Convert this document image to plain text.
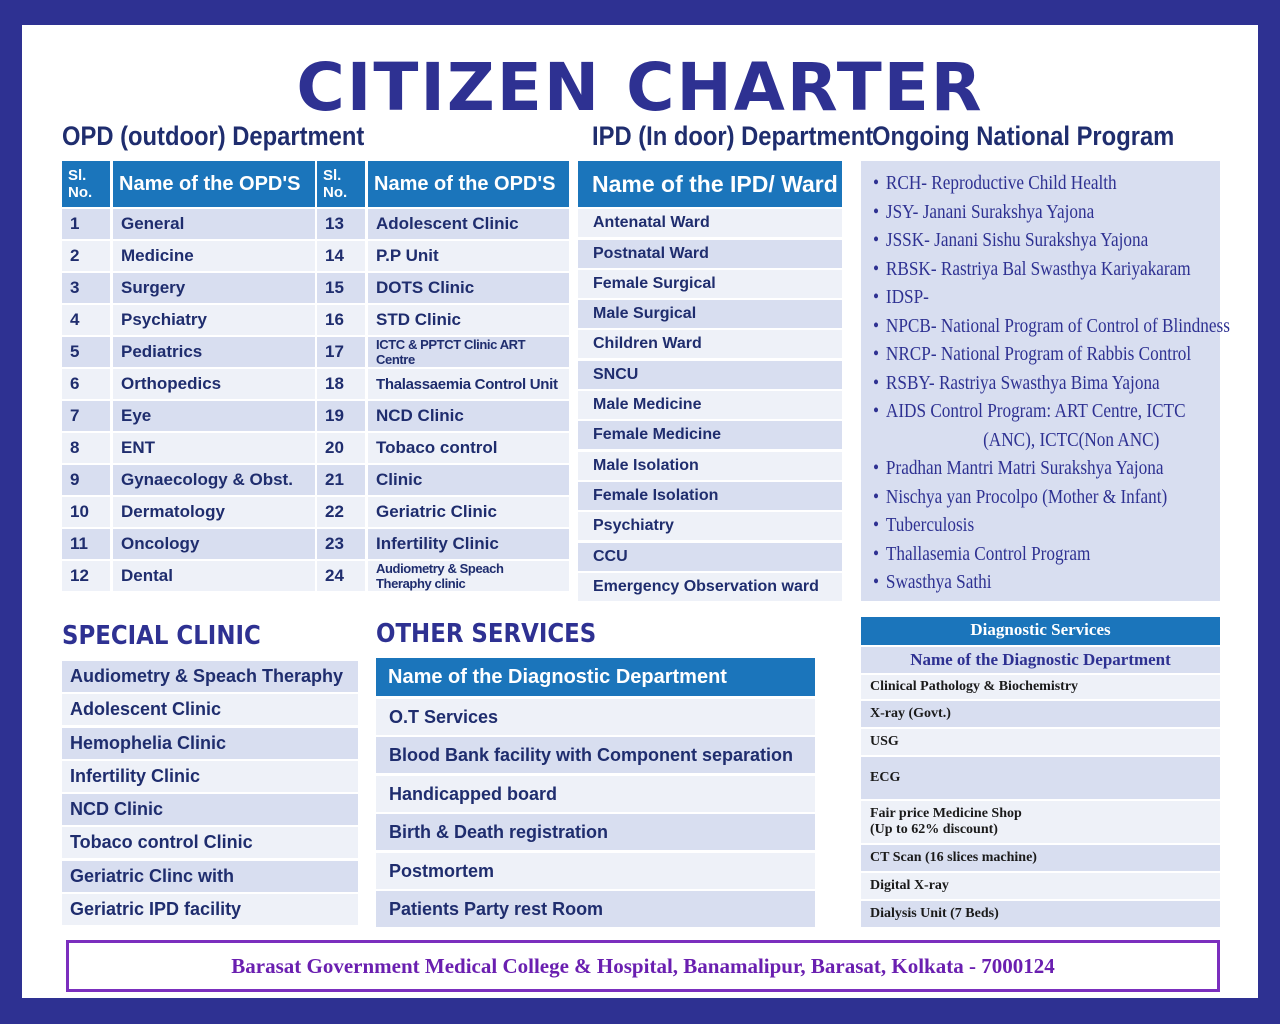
CITIZEN CHARTER
OPD (outdoor) Department	IPD (In door) Department
Ongoing National Program
Sl.
No.	Name of the OPD'S
1	General
2	Medicine
3	Surgery
4	Psychiatry
5	Pediatrics
6	Orthopedics
7	Eye
8	ENT
9	Gynaecology & Obst.
10	Dermatology
11	Oncology
12	Dental
Sl.
No.	Name of the OPD'S
13	Adolescent Clinic
14	P.P Unit
15	DOTS Clinic
16	STD Clinic
17	ICTC & PPTCT Clinic ART Centre
18	Thalassaemia Control Unit
19	NCD Clinic
20	Tobaco control
21	Clinic
22	Geriatric Clinic
23	Infertility Clinic
24	Audiometry & Speach Theraphy clinic
Name of the IPD/ Ward
Antenatal Ward
Postnatal Ward
Female Surgical
Male Surgical
Children Ward
SNCU
Male Medicine
Female Medicine
Male Isolation
Female Isolation
Psychiatry
CCU
Emergency Observation ward
• RCH- Reproductive Child Health
• JSY- Janani Surakshya Yajona
• JSSK- Janani Sishu Surakshya Yajona
• RBSK- Rastriya Bal Swasthya Kariyakaram
• IDSP-
• NPCB- National Program of Control of Blindness
• NRCP- National Program of Rabbis Control
• RSBY- Rastriya Swasthya Bima Yajona
• AIDS Control Program: ART Centre, ICTC
(ANC), ICTC(Non ANC)
• Pradhan Mantri Matri Surakshya Yajona
• Nischya yan Procolpo (Mother & Infant)
• Tuberculosis
• Thallasemia Control Program
• Swasthya Sathi
SPECIAL CLINIC
Audiometry & Speach Theraphy
Adolescent Clinic
Hemophelia Clinic
Infertility Clinic
NCD Clinic
Tobaco control Clinic
Geriatric Clinc with
Geriatric IPD facility
OTHER SERVICES
Name of the Diagnostic Department
O.T Services
Blood Bank facility with Component separation
Handicapped board
Birth & Death registration
Postmortem
Patients Party rest Room
Diagnostic Services
Name of the Diagnostic Department
Clinical Pathology & Biochemistry
X-ray (Govt.)
USG
ECG
Fair price Medicine Shop
(Up to 62% discount)
CT Scan (16 slices machine)
Digital X-ray
Dialysis Unit (7 Beds)
Barasat Government Medical College & Hospital, Banamalipur, Barasat, Kolkata - 7000124
